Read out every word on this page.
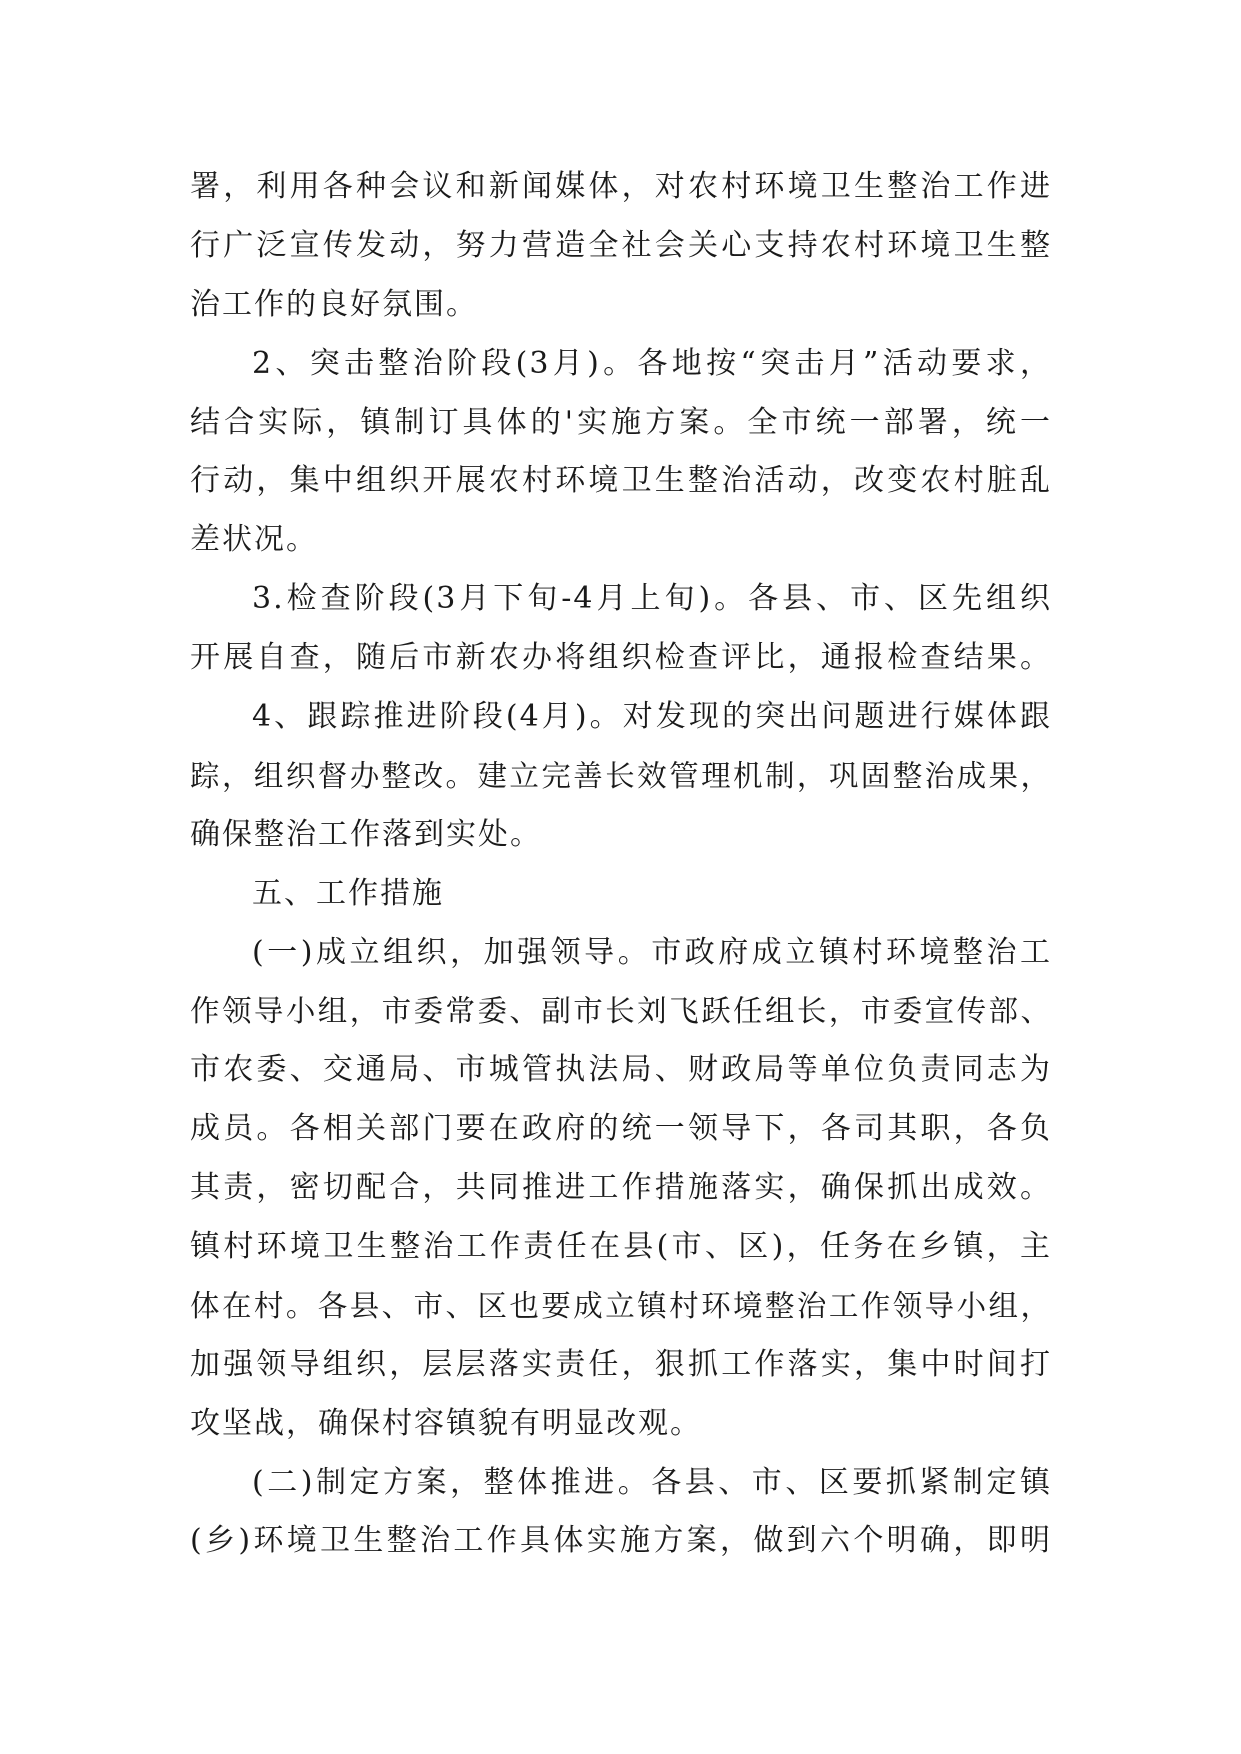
署，利用各种会议和新闻媒体，对农村环境卫生整治工作进
行广泛宣传发动，努力营造全社会关心支持农村环境卫生整
治工作的良好氛围。
2、突击整治阶段(3月)。各地按“突击月”活动要求，
结合实际，镇制订具体的'实施方案。全市统一部署，统一
行动，集中组织开展农村环境卫生整治活动，改变农村脏乱
差状况。
3.检查阶段(3月下旬-4月上旬)。各县、市、区先组织
开展自查，随后市新农办将组织检查评比，通报检查结果。
4、跟踪推进阶段(4月)。对发现的突出问题进行媒体跟
踪，组织督办整改。建立完善长效管理机制，巩固整治成果，
确保整治工作落到实处。
五、工作措施
(一)成立组织，加强领导。市政府成立镇村环境整治工
作领导小组，市委常委、副市长刘飞跃任组长，市委宣传部、
市农委、交通局、市城管执法局、财政局等单位负责同志为
成员。各相关部门要在政府的统一领导下，各司其职，各负
其责，密切配合，共同推进工作措施落实，确保抓出成效。
镇村环境卫生整治工作责任在县(市、区)，任务在乡镇，主
体在村。各县、市、区也要成立镇村环境整治工作领导小组，
加强领导组织，层层落实责任，狠抓工作落实，集中时间打
攻坚战，确保村容镇貌有明显改观。
(二)制定方案，整体推进。各县、市、区要抓紧制定镇
(乡)环境卫生整治工作具体实施方案，做到六个明确，即明
